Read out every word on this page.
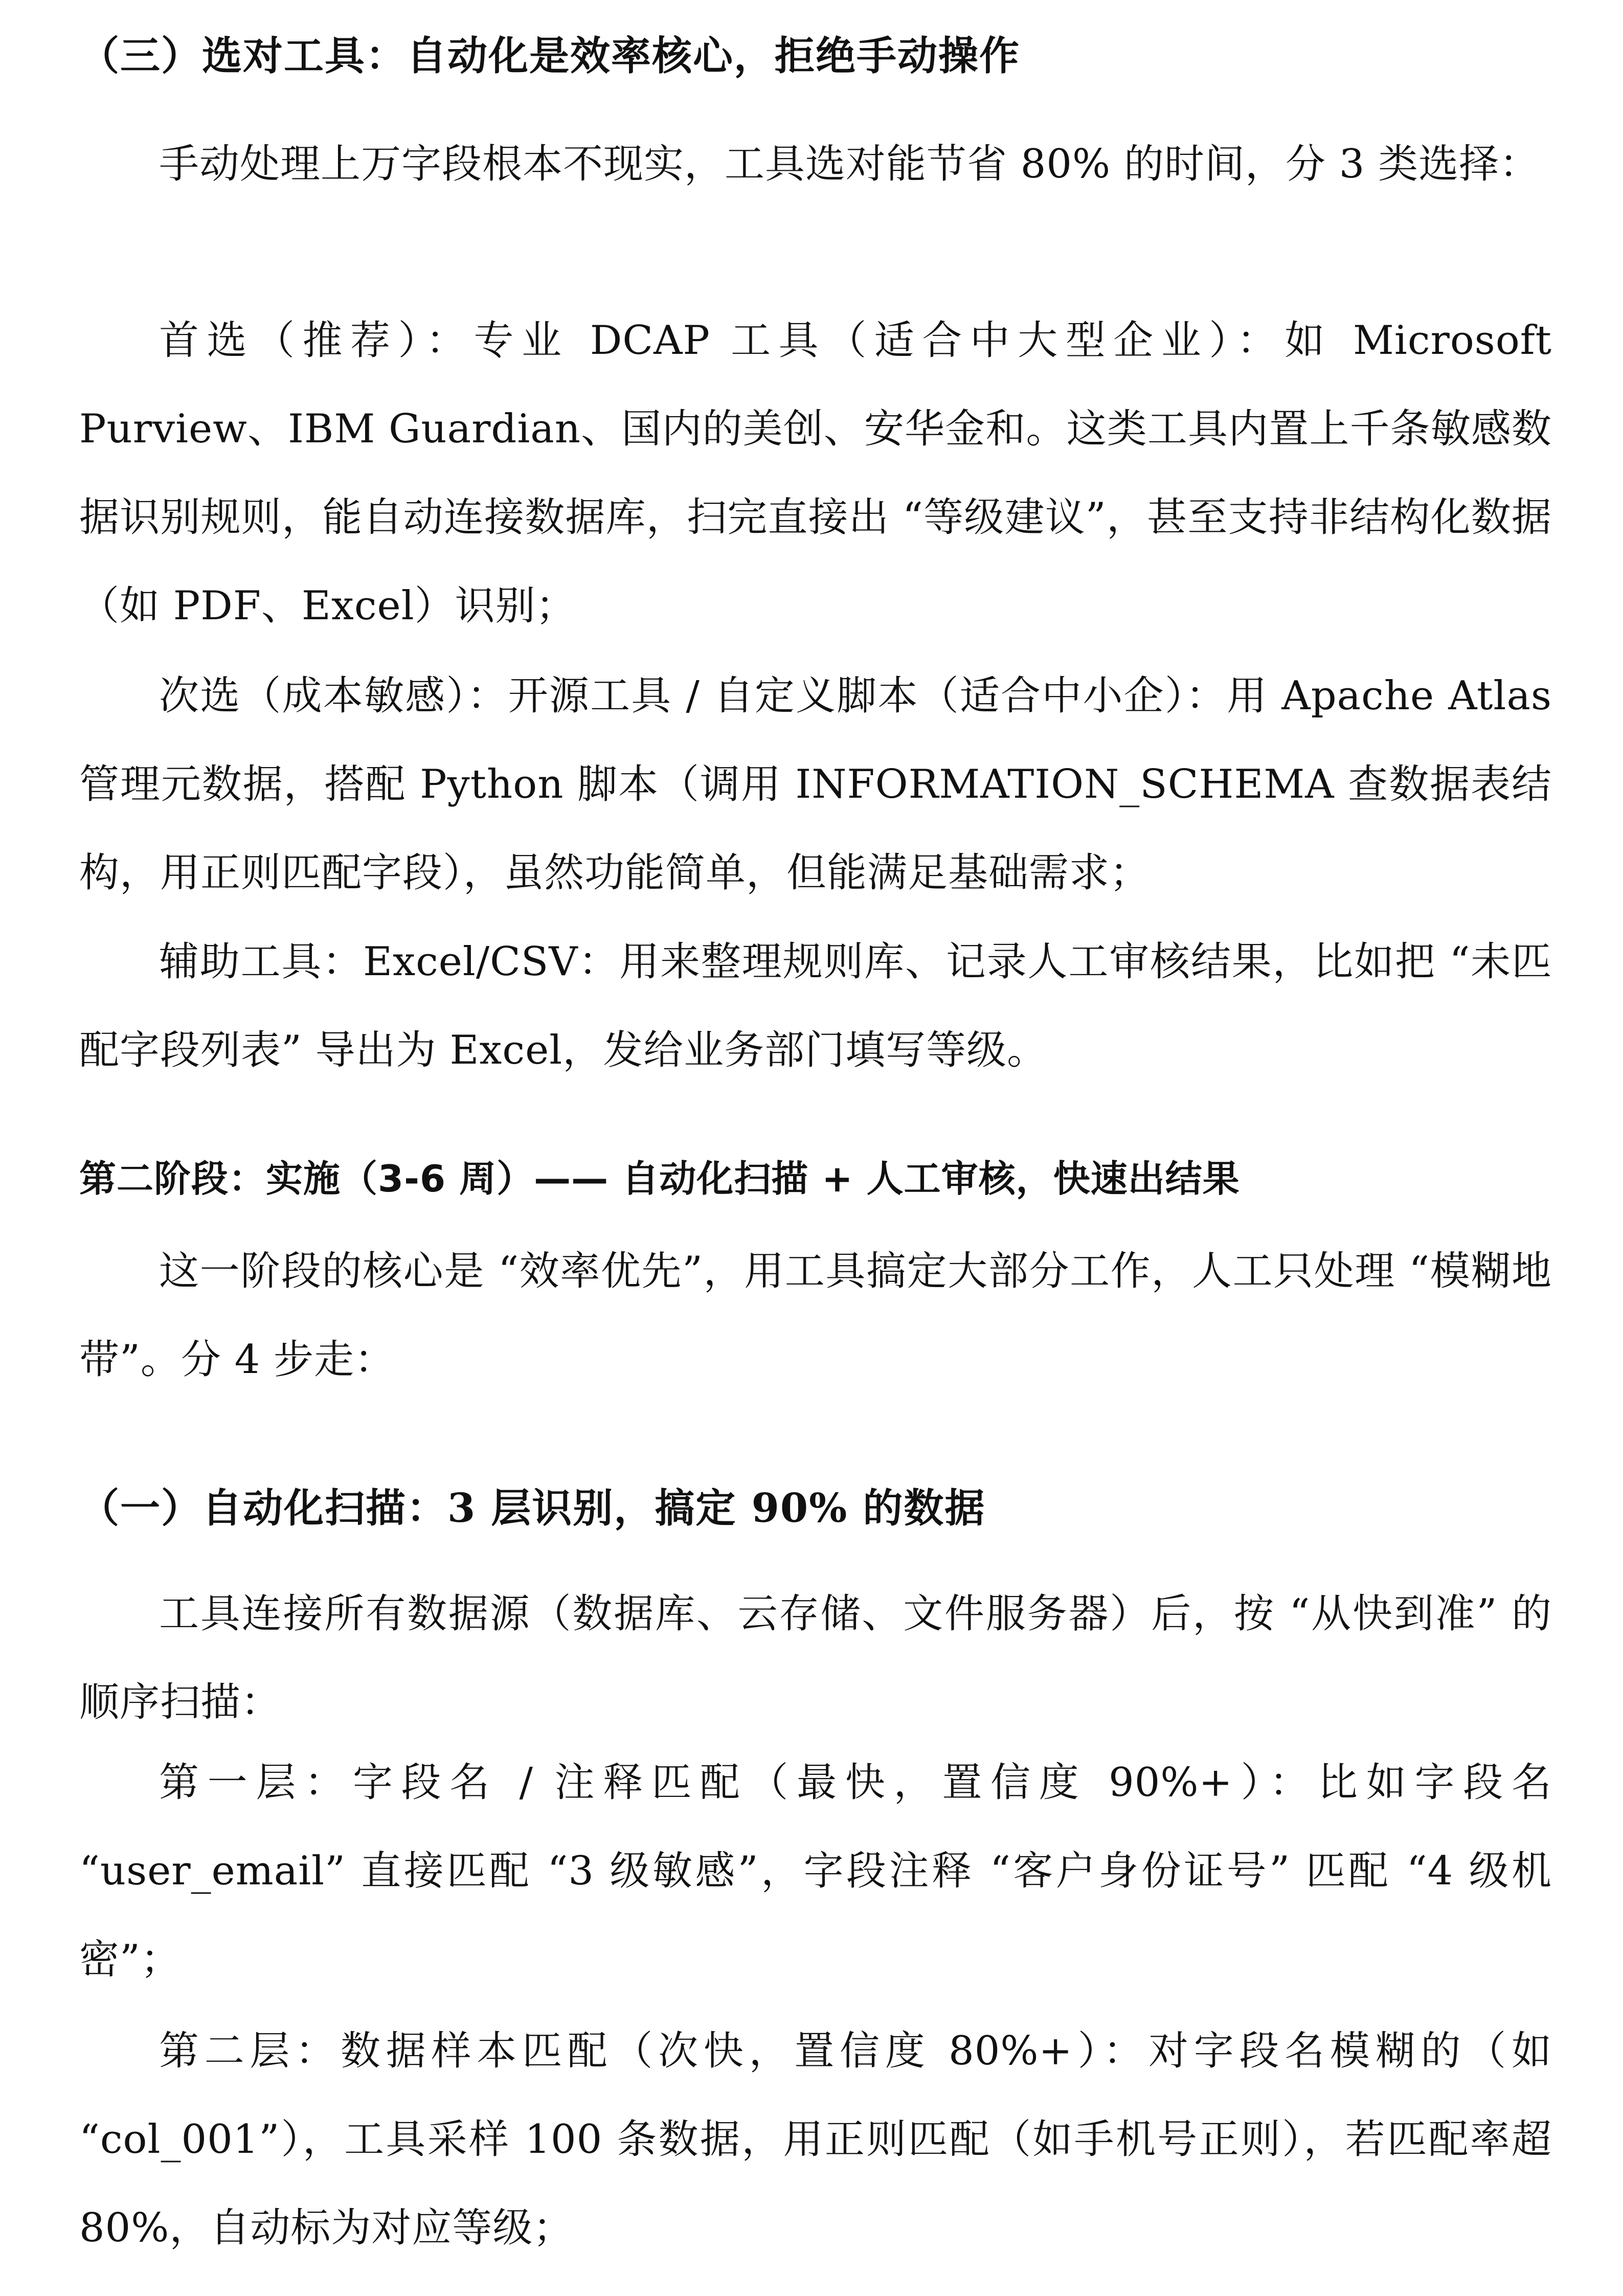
（三）选对工具：自动化是效率核心，拒绝手动操作

手动处理上万字段根本不现实，工具选对能节省 80% 的时间，分 3 类选择：

首选（推荐）：专业 DCAP 工具（适合中大型企业）：如 Microsoft Purview、IBM Guardian、国内的美创、安华金和。这类工具内置上千条敏感数据识别规则，能自动连接数据库，扫完直接出 “等级建议”，甚至支持非结构化数据（如 PDF、Excel）识别；

次选（成本敏感）：开源工具 / 自定义脚本（适合中小企）：用 Apache Atlas 管理元数据，搭配 Python 脚本（调用 INFORMATION_SCHEMA 查数据表结构，用正则匹配字段），虽然功能简单，但能满足基础需求；

辅助工具：Excel/CSV：用来整理规则库、记录人工审核结果，比如把 “未匹配字段列表” 导出为 Excel，发给业务部门填写等级。

第二阶段：实施（3-6 周）—— 自动化扫描 + 人工审核，快速出结果

这一阶段的核心是 “效率优先”，用工具搞定大部分工作，人工只处理 “模糊地带”。分 4 步走：

（一）自动化扫描：3 层识别，搞定 90% 的数据

工具连接所有数据源（数据库、云存储、文件服务器）后，按 “从快到准” 的顺序扫描：

第一层：字段名 / 注释匹配（最快，置信度 90%+）：比如字段名 “user_email” 直接匹配 “3 级敏感”，字段注释 “客户身份证号” 匹配 “4 级机密”；

第二层：数据样本匹配（次快，置信度 80%+）：对字段名模糊的（如 “col_001”），工具采样 100 条数据，用正则匹配（如手机号正则），若匹配率超 80%，自动标为对应等级；
